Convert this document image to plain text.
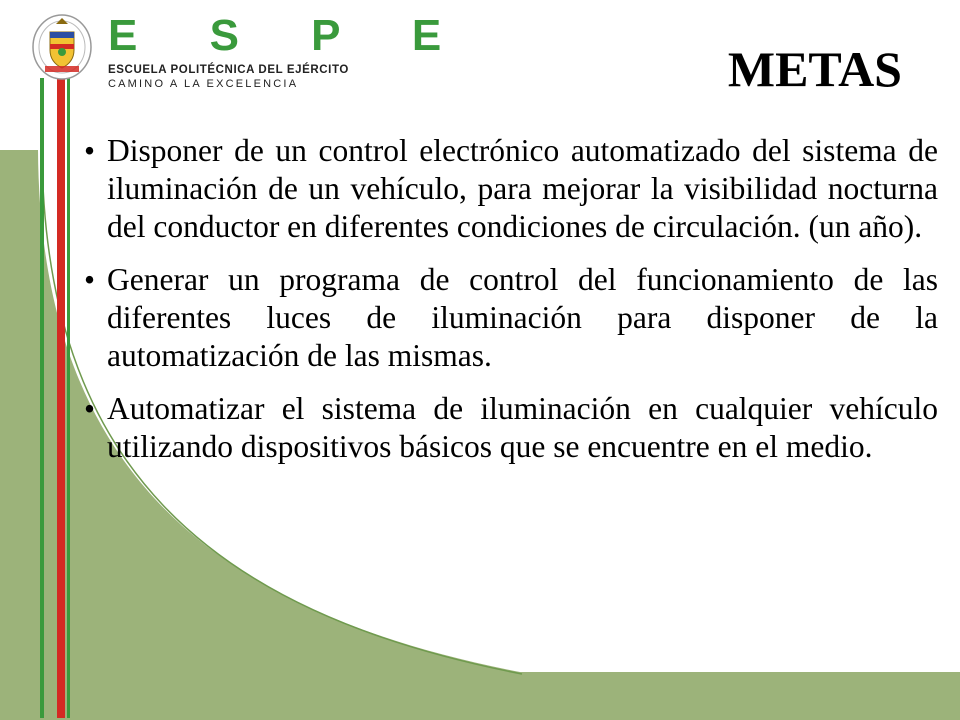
E S P E
ESCUELA POLITÉCNICA DEL EJÉRCITO
CAMINO A LA EXCELENCIA	METAS
• Disponer de un control electrónico automatizado del sistema de iluminación de un vehículo, para mejorar la visibilidad nocturna del conductor en diferentes condiciones de circulación. (un año).
• Generar un programa de control del funcionamiento de las diferentes luces de iluminación para disponer de la automatización de las mismas.
• Automatizar el sistema de iluminación en cualquier vehículo utilizando dispositivos básicos que se encuentre en el medio.
